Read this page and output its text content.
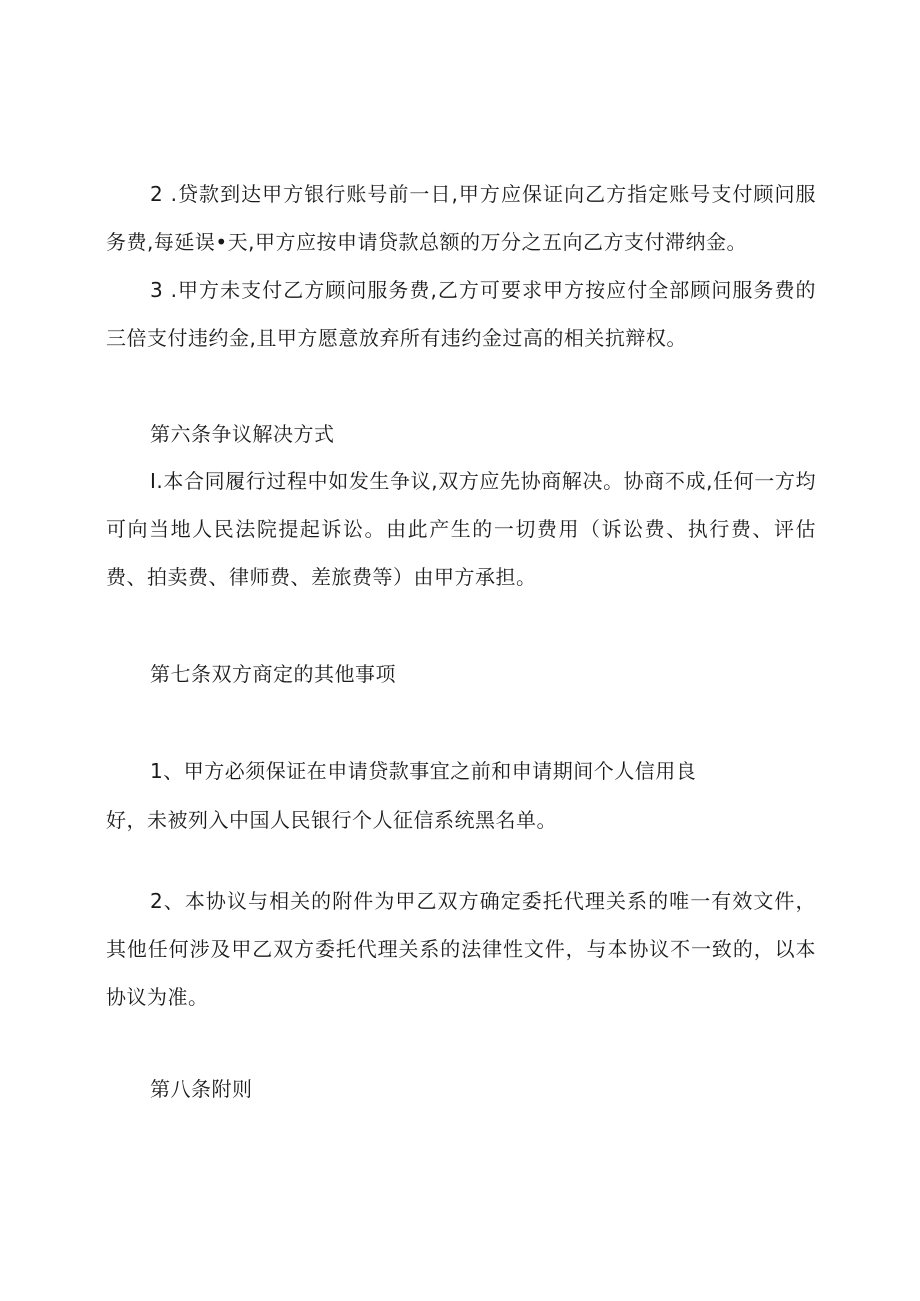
2 .贷款到达甲方银行账号前一日,甲方应保证向乙方指定账号支付顾问服务费,每延误•天,甲方应按申请贷款总额的万分之五向乙方支付滞纳金。

3 .甲方未支付乙方顾问服务费,乙方可要求甲方按应付全部顾问服务费的三倍支付违约金,且甲方愿意放弃所有违约金过高的相关抗辩权。

第六条争议解决方式

I.本合同履行过程中如发生争议,双方应先协商解决。协商不成,任何一方均可向当地人民法院提起诉讼。由此产生的一切费用（诉讼费、执行费、评估费、拍卖费、律师费、差旅费等）由甲方承担。

第七条双方商定的其他事项

1、甲方必须保证在申请贷款事宜之前和申请期间个人信用良

好，未被列入中国人民银行个人征信系统黑名单。

2、本协议与相关的附件为甲乙双方确定委托代理关系的唯一有效文件，其他任何涉及甲乙双方委托代理关系的法律性文件，与本协议不一致的，以本协议为准。

第八条附则
